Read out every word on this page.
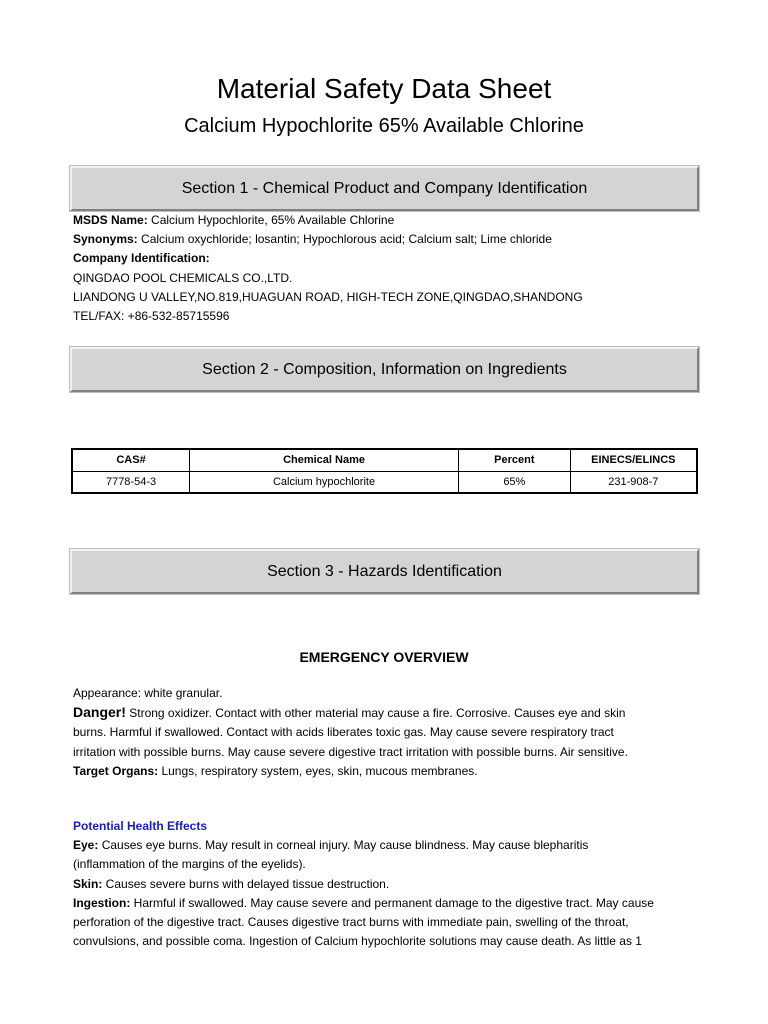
Material Safety Data Sheet
Calcium Hypochlorite 65% Available Chlorine
Section 1 - Chemical Product and Company Identification

MSDS Name: Calcium Hypochlorite, 65% Available Chlorine

Synonyms: Calcium oxychloride; losantin; Hypochlorous acid; Calcium salt; Lime chloride

Company Identification:

QINGDAO POOL CHEMICALS CO.,LTD.

LIANDONG U VALLEY,NO.819,HUAGUAN ROAD, HIGH-TECH ZONE,QINGDAO,SHANDONG

TEL/FAX: +86-532-85715596

Section 2 - Composition, Information on Ingredients
CAS#	Chemical Name	Percent	EINECS/ELINCS
7778-54-3	Calcium hypochlorite	65%	231-908-7
Section 3 - Hazards Identification
EMERGENCY OVERVIEW

Appearance: white granular.

Danger! Strong oxidizer. Contact with other material may cause a fire. Corrosive. Causes eye and skin

burns. Harmful if swallowed. Contact with acids liberates toxic gas. May cause severe respiratory tract

irritation with possible burns. May cause severe digestive tract irritation with possible burns. Air sensitive.

Target Organs: Lungs, respiratory system, eyes, skin, mucous membranes.

Potential Health Effects

Eye: Causes eye burns. May result in corneal injury. May cause blindness. May cause blepharitis

(inflammation of the margins of the eyelids).

Skin: Causes severe burns with delayed tissue destruction.

Ingestion: Harmful if swallowed. May cause severe and permanent damage to the digestive tract. May cause

perforation of the digestive tract. Causes digestive tract burns with immediate pain, swelling of the throat,

convulsions, and possible coma. Ingestion of Calcium hypochlorite solutions may cause death. As little as 1
